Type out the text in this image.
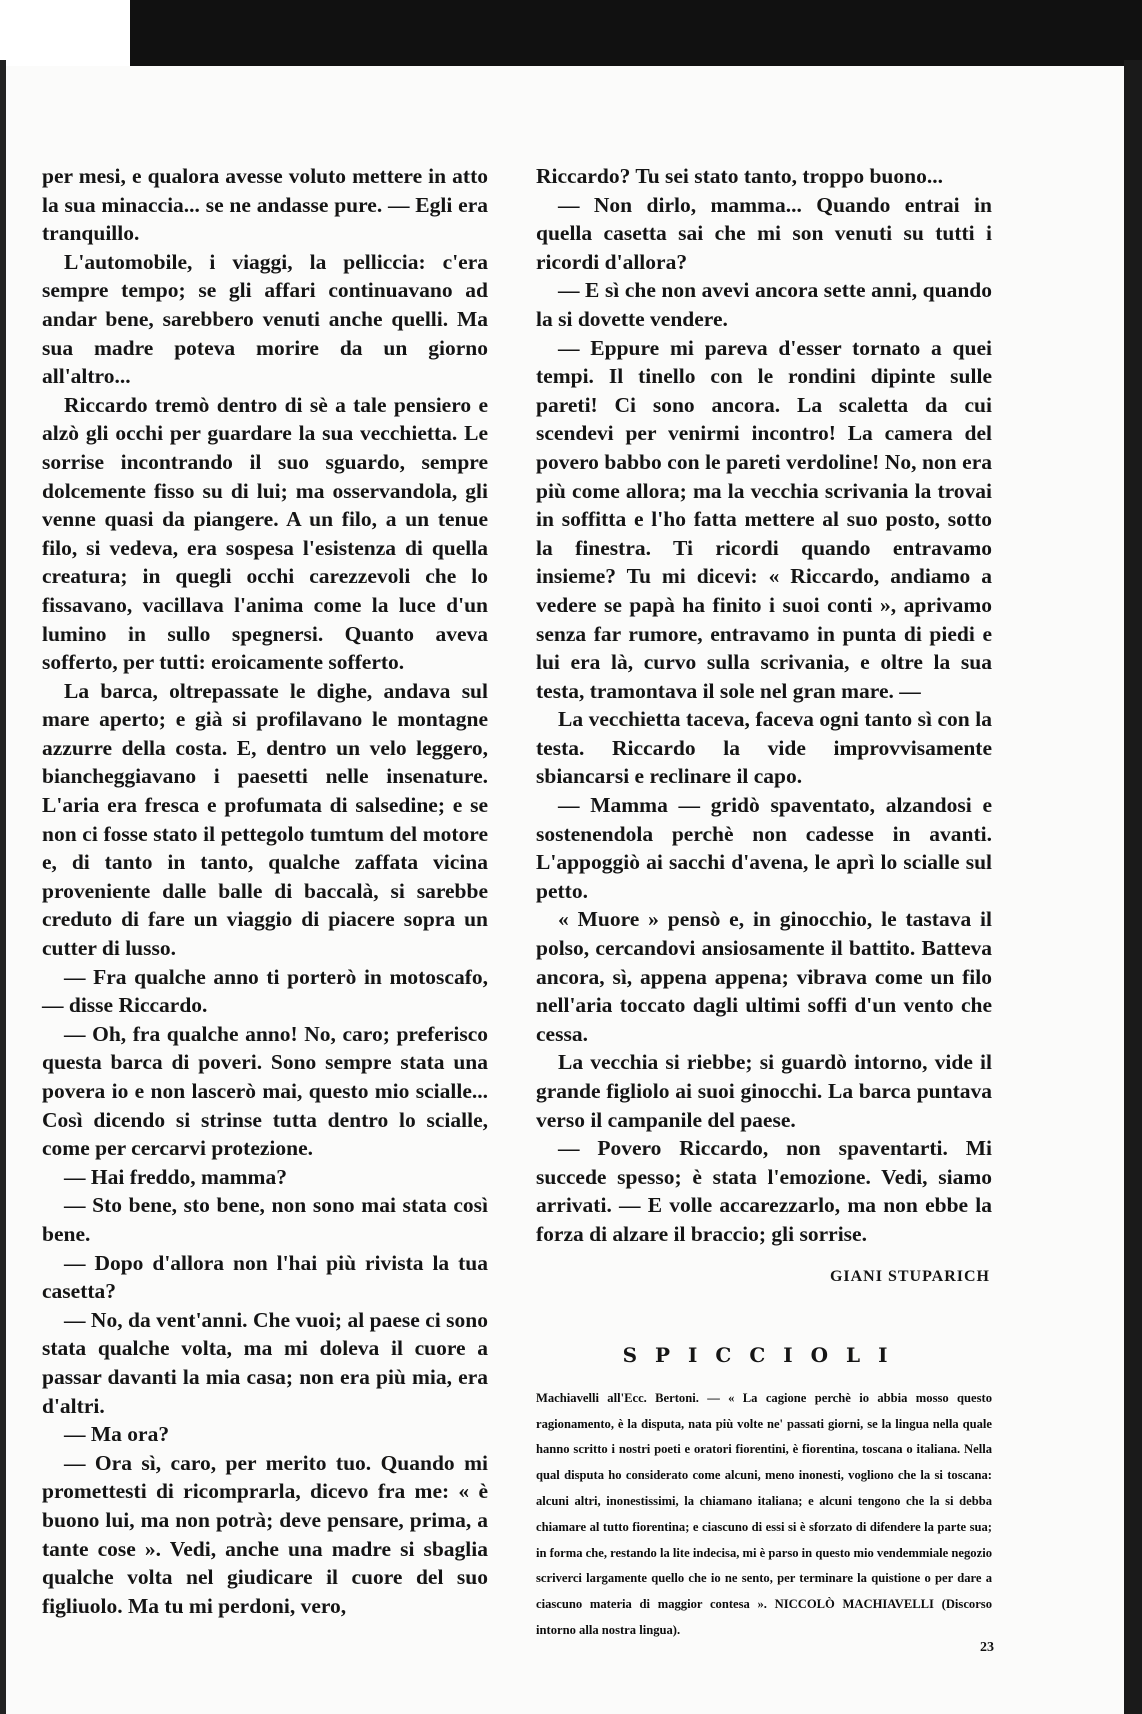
per mesi, e qualora avesse voluto mettere in atto la sua minaccia... se ne andasse pure. — Egli era tranquillo.

L'automobile, i viaggi, la pelliccia: c'era sempre tempo; se gli affari continuavano ad andar bene, sarebbero venuti anche quelli. Ma sua madre poteva morire da un giorno all'altro...

Riccardo tremò dentro di sè a tale pensiero e alzò gli occhi per guardare la sua vecchietta. Le sorrise incontrando il suo sguardo, sempre dolcemente fisso su di lui; ma osservandola, gli venne quasi da piangere. A un filo, a un tenue filo, si vedeva, era sospesa l'esistenza di quella creatura; in quegli occhi carezzevoli che lo fissavano, vacillava l'anima come la luce d'un lumino in sullo spegnersi. Quanto aveva sofferto, per tutti: eroicamente sofferto.

La barca, oltrepassate le dighe, andava sul mare aperto; e già si profilavano le montagne azzurre della costa. E, dentro un velo leggero, biancheggiavano i paesetti nelle insenature. L'aria era fresca e profumata di salsedine; e se non ci fosse stato il pettegolo tumtum del motore e, di tanto in tanto, qualche zaffata vicina proveniente dalle balle di baccalà, si sarebbe creduto di fare un viaggio di piacere sopra un cutter di lusso.

— Fra qualche anno ti porterò in motoscafo, — disse Riccardo.

— Oh, fra qualche anno! No, caro; preferisco questa barca di poveri. Sono sempre stata una povera io e non lascerò mai, questo mio scialle... Così dicendo si strinse tutta dentro lo scialle, come per cercarvi protezione.

— Hai freddo, mamma?

— Sto bene, sto bene, non sono mai stata così bene.

— Dopo d'allora non l'hai più rivista la tua casetta?

— No, da vent'anni. Che vuoi; al paese ci sono stata qualche volta, ma mi doleva il cuore a passar davanti la mia casa; non era più mia, era d'altri.

— Ma ora?

— Ora sì, caro, per merito tuo. Quando mi promettesti di ricomprarla, dicevo fra me: « è buono lui, ma non potrà; deve pensare, prima, a tante cose ». Vedi, anche una madre si sbaglia qualche volta nel giudicare il cuore del suo figliuolo. Ma tu mi perdoni, vero,

Riccardo? Tu sei stato tanto, troppo buono...

— Non dirlo, mamma... Quando entrai in quella casetta sai che mi son venuti su tutti i ricordi d'allora?

— E sì che non avevi ancora sette anni, quando la si dovette vendere.

— Eppure mi pareva d'esser tornato a quei tempi. Il tinello con le rondini dipinte sulle pareti! Ci sono ancora. La scaletta da cui scendevi per venirmi incontro! La camera del povero babbo con le pareti verdoline! No, non era più come allora; ma la vecchia scrivania la trovai in soffitta e l'ho fatta mettere al suo posto, sotto la finestra. Ti ricordi quando entravamo insieme? Tu mi dicevi: « Riccardo, andiamo a vedere se papà ha finito i suoi conti », aprivamo senza far rumore, entravamo in punta di piedi e lui era là, curvo sulla scrivania, e oltre la sua testa, tramontava il sole nel gran mare. —

La vecchietta taceva, faceva ogni tanto sì con la testa. Riccardo la vide improvvisamente sbiancarsi e reclinare il capo.

— Mamma — gridò spaventato, alzandosi e sostenendola perchè non cadesse in avanti. L'appoggiò ai sacchi d'avena, le aprì lo scialle sul petto.

« Muore » pensò e, in ginocchio, le tastava il polso, cercandovi ansiosamente il battito. Batteva ancora, sì, appena appena; vibrava come un filo nell'aria toccato dagli ultimi soffi d'un vento che cessa.

La vecchia si riebbe; si guardò intorno, vide il grande figliolo ai suoi ginocchi. La barca puntava verso il campanile del paese.

— Povero Riccardo, non spaventarti. Mi succede spesso; è stata l'emozione. Vedi, siamo arrivati. — E volle accarezzarlo, ma non ebbe la forza di alzare il braccio; gli sorrise.

GIANI STUPARICH
SPICCIOLI
Machiavelli all'Ecc. Bertoni. — « La cagione perchè io abbia mosso questo ragionamento, è la disputa, nata più volte ne' passati giorni, se la lingua nella quale hanno scritto i nostri poeti e oratori fiorentini, è fiorentina, toscana o italiana. Nella qual disputa ho considerato come alcuni, meno inonesti, vogliono che la si toscana: alcuni altri, inonestissimi, la chiamano italiana; e alcuni tengono che la si debba chiamare al tutto fiorentina; e ciascuno di essi si è sforzato di difendere la parte sua; in forma che, restando la lite indecisa, mi è parso in questo mio vendemmiale negozio scriverci largamente quello che io ne sento, per terminare la quistione o per dare a ciascuno materia di maggior contesa ». NICCOLÒ MACHIAVELLI (Discorso intorno alla nostra lingua).
23
